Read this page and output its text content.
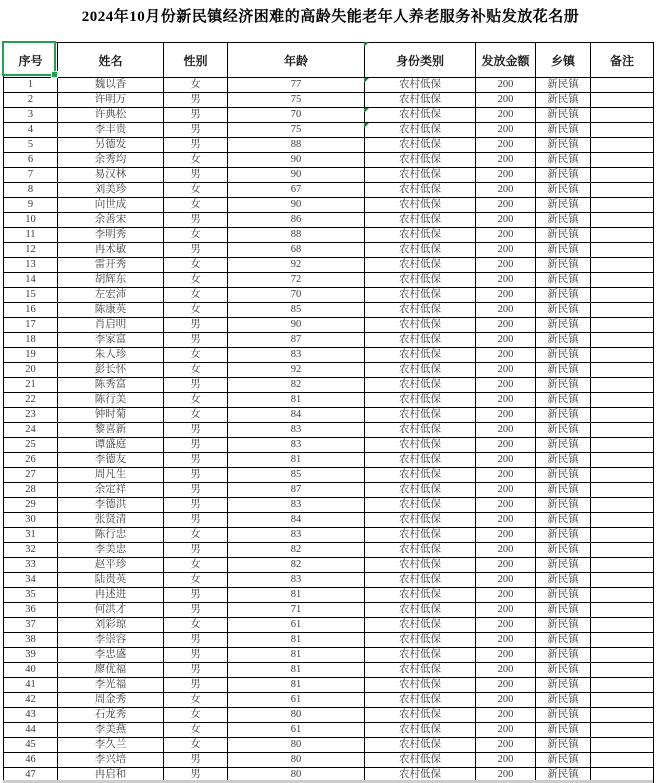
2024年10月份新民镇经济困难的高龄失能老年人养老服务补贴发放花名册
序号	姓名	性别	年龄	身份类别	发放金额	乡镇	备注
1	魏以香	女	77	农村低保	200	新民镇	
2	许明万	男	75	农村低保	200	新民镇	
3	许典松	男	70	农村低保	200	新民镇	
4	李丰贵	男	75	农村低保	200	新民镇	
5	另德发	男	88	农村低保	200	新民镇	
6	余秀均	女	90	农村低保	200	新民镇	
7	易汉林	男	90	农村低保	200	新民镇	
8	刘美珍	女	67	农村低保	200	新民镇	
9	向世成	女	90	农村低保	200	新民镇	
10	余善宋	男	86	农村低保	200	新民镇	
11	李明秀	女	88	农村低保	200	新民镇	
12	冉术敏	男	68	农村低保	200	新民镇	
13	雷开秀	女	92	农村低保	200	新民镇	
14	胡辉东	女	72	农村低保	200	新民镇	
15	左宏沛	女	70	农村低保	200	新民镇	
16	陈康英	女	85	农村低保	200	新民镇	
17	肖启明	男	90	农村低保	200	新民镇	
18	李家富	男	87	农村低保	200	新民镇	
19	朱人珍	女	83	农村低保	200	新民镇	
20	彭长怀	女	92	农村低保	200	新民镇	
21	陈秀富	男	82	农村低保	200	新民镇	
22	陈行美	女	81	农村低保	200	新民镇	
23	钟时菊	女	84	农村低保	200	新民镇	
24	黎喜新	男	83	农村低保	200	新民镇	
25	谭盛庭	男	83	农村低保	200	新民镇	
26	李德友	男	81	农村低保	200	新民镇	
27	周凡生	男	85	农村低保	200	新民镇	
28	余定祥	男	87	农村低保	200	新民镇	
29	李德洪	男	83	农村低保	200	新民镇	
30	张贤清	男	84	农村低保	200	新民镇	
31	陈行忠	女	83	农村低保	200	新民镇	
32	李美忠	男	82	农村低保	200	新民镇	
33	赵平珍	女	82	农村低保	200	新民镇	
34	陆贵英	女	83	农村低保	200	新民镇	
35	冉述进	男	81	农村低保	200	新民镇	
36	何洪才	男	71	农村低保	200	新民镇	
37	刘彩琼	女	61	农村低保	200	新民镇	
38	李崇容	男	81	农村低保	200	新民镇	
39	李忠盛	男	81	农村低保	200	新民镇	
40	廖优福	男	81	农村低保	200	新民镇	
41	李光福	男	81	农村低保	200	新民镇	
42	周金秀	女	61	农村低保	200	新民镇	
43	石龙秀	女	80	农村低保	200	新民镇	
44	李美燕	女	61	农村低保	200	新民镇	
45	李久兰	女	80	农村低保	200	新民镇	
46	李兴培	男	80	农村低保	200	新民镇	
47	冉启和	男	80	农村低保	200	新民镇	
